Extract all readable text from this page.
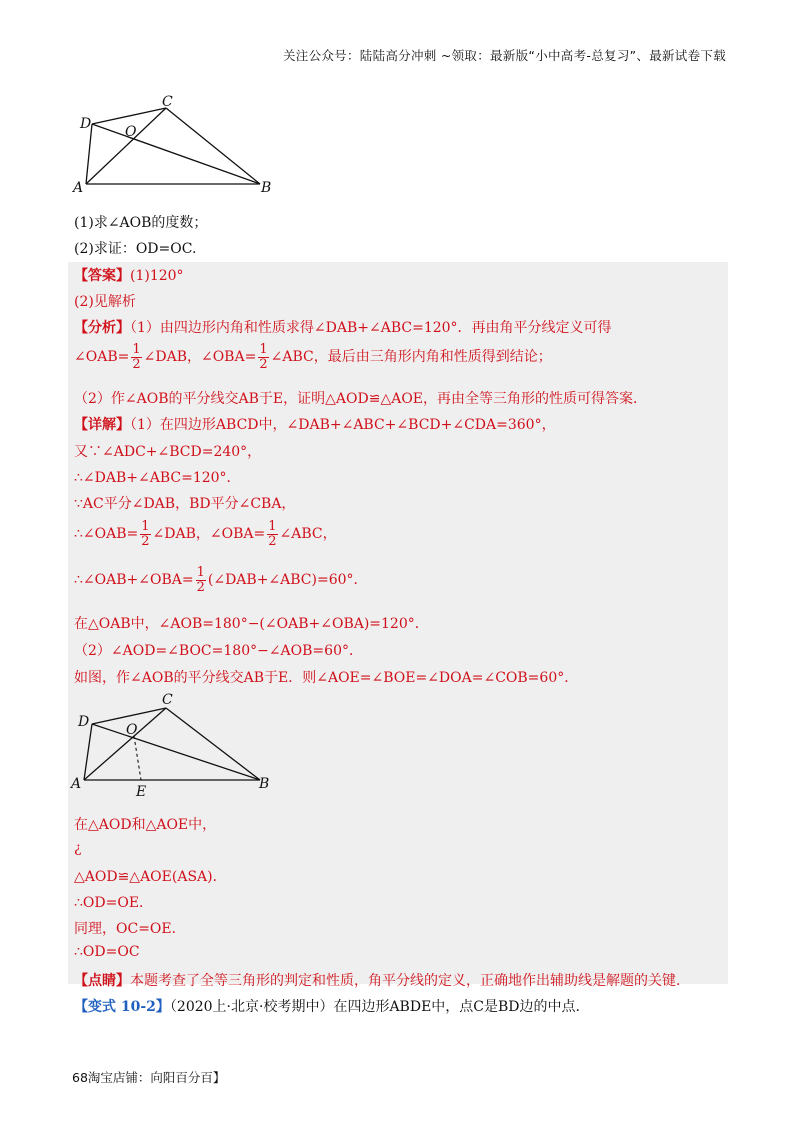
关注公众号：陆陆高分冲刺 ~领取：最新版“小中高考-总复习”、最新试卷下载
A	B
C
D O
(1)求∠AOB的度数；
(2)求证：OD=OC.
【答案】(1)120°
(2)见解析
【分析】（1）由四边形内角和性质求得∠DAB+∠ABC=120°．再由角平分线定义可得
∠OAB= $\frac{1}{2}$ ∠DAB，∠OBA= $\frac{1}{2}$ ∠ABC，最后由三角形内角和性质得到结论；
（2）作∠AOB的平分线交AB于E，证明△AOD≌△AOE，再由全等三角形的性质可得答案．
【详解】（1）在四边形ABCD中，∠DAB+∠ABC+∠BCD+∠CDA=360°，
又∵∠ADC+∠BCD=240°，
∴∠DAB+∠ABC=120°．
∵AC平分∠DAB，BD平分∠CBA，
∴∠OAB= $\frac{1}{2}$ ∠DAB，∠OBA= $\frac{1}{2}$ ∠ABC，
∴∠OAB+∠OBA= $\frac{1}{2}$ (∠DAB+∠ABC)=60°．
在△OAB中，∠AOB=180°−(∠OAB+∠OBA)=120°．
（2）∠AOD=∠BOC=180°−∠AOB=60°．
如图，作∠AOB的平分线交AB于E．则∠AOE=∠BOE=∠DOA=∠COB=60°．
A	B
C
D	O
E
在△AOD和△AOE中，
¿
△AOD≌△AOE(ASA)．
∴OD=OE．
同理，OC=OE．
∴OD=OC
【点睛】本题考查了全等三角形的判定和性质，角平分线的定义，正确地作出辅助线是解题的关键．
【变式 10-2】（2020上·北京·校考期中）在四边形ABDE中，点C是BD边的中点.
68淘宝店铺：向阳百分百】
